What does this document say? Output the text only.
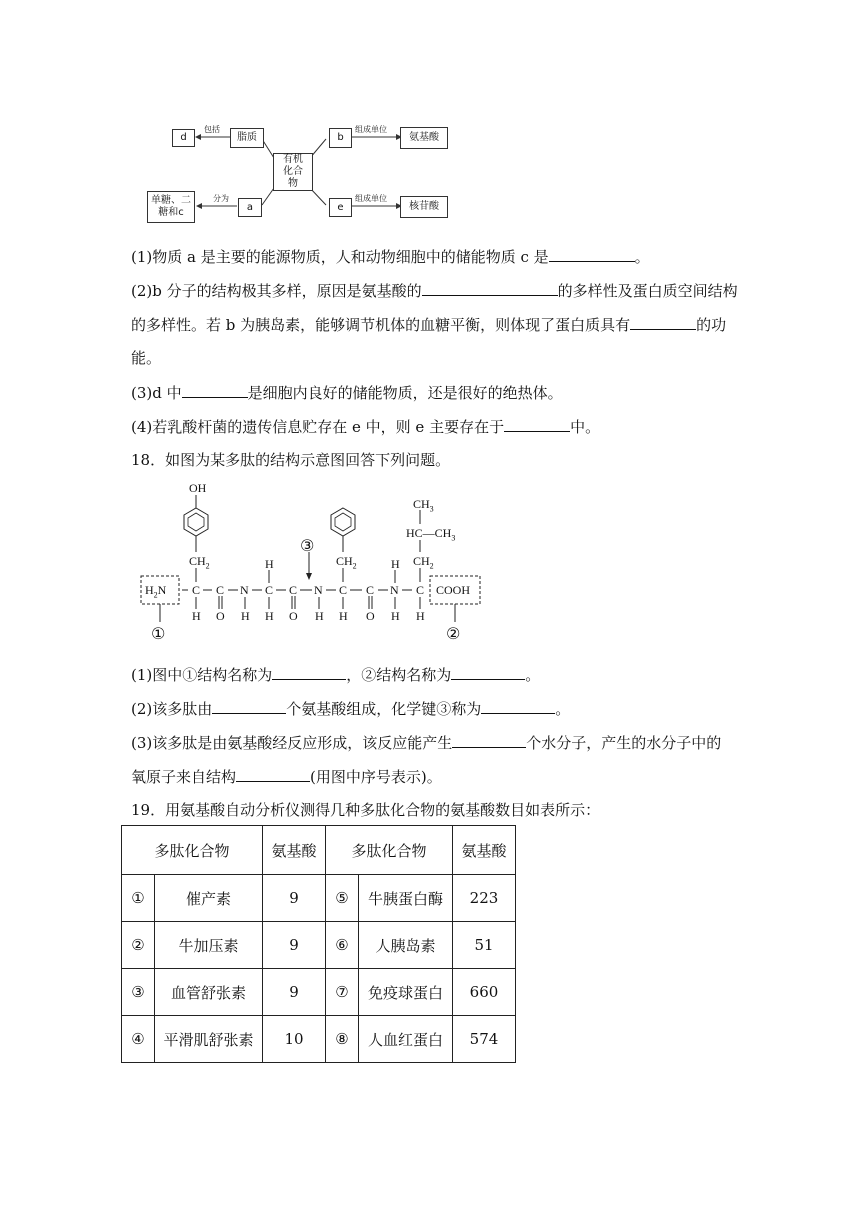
d	脂质	b	氨基酸
有机化合物
单糖、二糖和c	a	e	核苷酸
包括	组成单位
分为	组成单位
(1)物质 a 是主要的能源物质，人和动物细胞中的储能物质 c 是	。
(2)b 分子的结构极其多样，原因是氨基酸的	的多样性及蛋白质空间结构
的多样性。若 b 为胰岛素，能够调节机体的血糖平衡，则体现了蛋白质具有	的功
能。
(3)d 中	是细胞内良好的储能物质，还是很好的绝热体。
(4)若乳酸杆菌的遗传信息贮存在 e 中，则 e 主要存在于	中。
18．如图为某多肽的结构示意图回答下列问题。
OH
$CH_2$	$CH_2$	$CH_2$
$CH_3$
$HC—CH_3$
③
$H_2N$ C C N C C N C C N C COOH
H	H
H O H H O H H O H H
①	②
(1)图中①结构名称为	，②结构名称为	。
(2)该多肽由	个氨基酸组成，化学键③称为	。
(3)该多肽是由氨基酸经反应形成，该反应能产生	个水分子，产生的水分子中的
氧原子来自结构	(用图中序号表示)。
19．用氨基酸自动分析仪测得几种多肽化合物的氨基酸数目如表所示：
多肽化合物		氨基酸	多肽化合物		氨基酸
①	催产素	9	⑤	牛胰蛋白酶	223
②	牛加压素	9	⑥	人胰岛素	51
③	血管舒张素	9	⑦	免疫球蛋白	660
④	平滑肌舒张素	10	⑧	人血红蛋白	574
